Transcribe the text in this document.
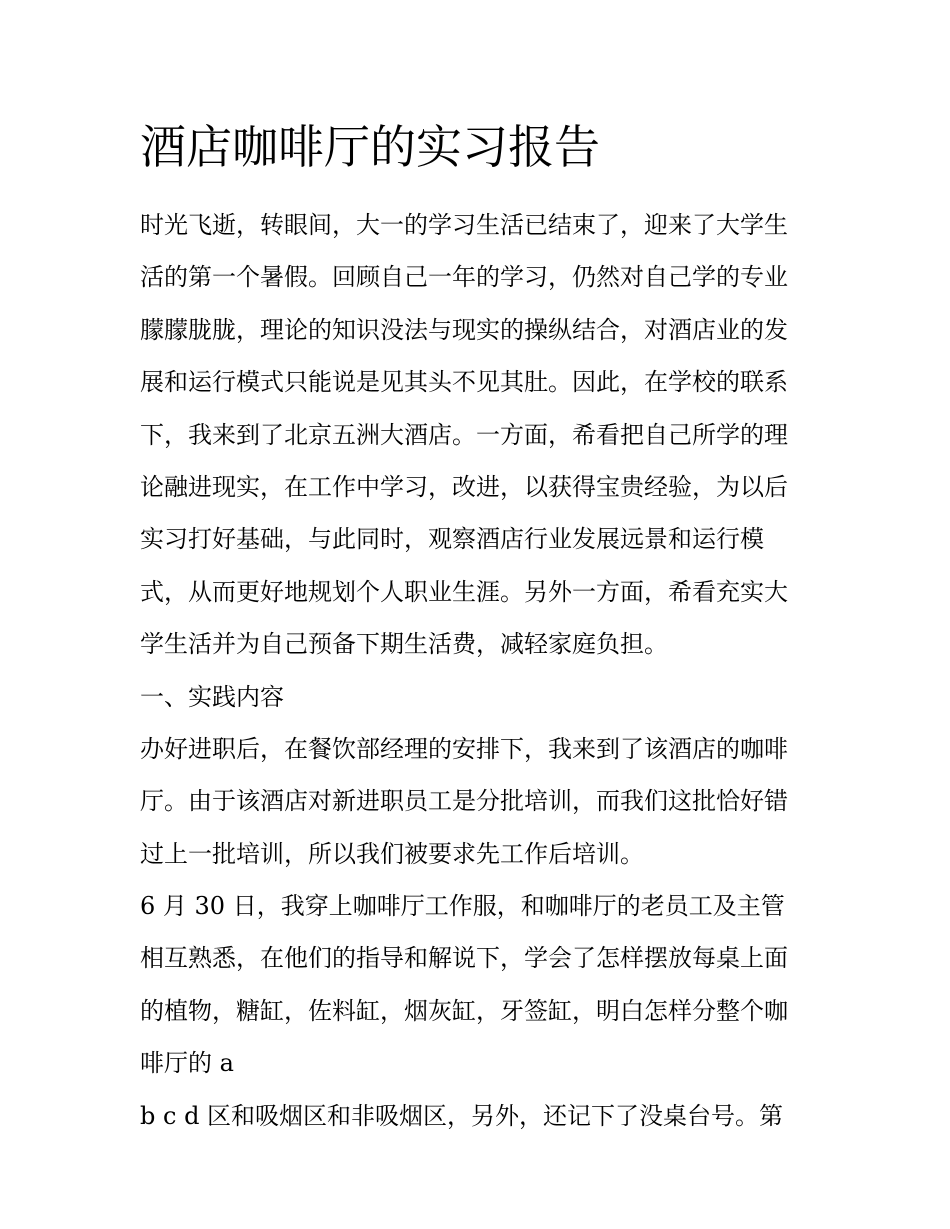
酒店咖啡厅的实习报告
时光飞逝，转眼间，大一的学习生活已结束了，迎来了大学生
活的第一个暑假。回顾自己一年的学习，仍然对自己学的专业
朦朦胧胧，理论的知识没法与现实的操纵结合，对酒店业的发
展和运行模式只能说是见其头不见其肚。因此，在学校的联系
下，我来到了北京五洲大酒店。一方面，希看把自己所学的理
论融进现实，在工作中学习，改进，以获得宝贵经验，为以后
实习打好基础，与此同时，观察酒店行业发展远景和运行模
式，从而更好地规划个人职业生涯。另外一方面，希看充实大
学生活并为自己预备下期生活费，减轻家庭负担。
一、实践内容
办好进职后，在餐饮部经理的安排下，我来到了该酒店的咖啡
厅。由于该酒店对新进职员工是分批培训，而我们这批恰好错
过上一批培训，所以我们被要求先工作后培训。
6 月 30 日，我穿上咖啡厅工作服，和咖啡厅的老员工及主管
相互熟悉，在他们的指导和解说下，学会了怎样摆放每桌上面
的植物，糖缸，佐料缸，烟灰缸，牙签缸，明白怎样分整个咖
啡厅的 a
b c d 区和吸烟区和非吸烟区，另外，还记下了没桌台号。第
